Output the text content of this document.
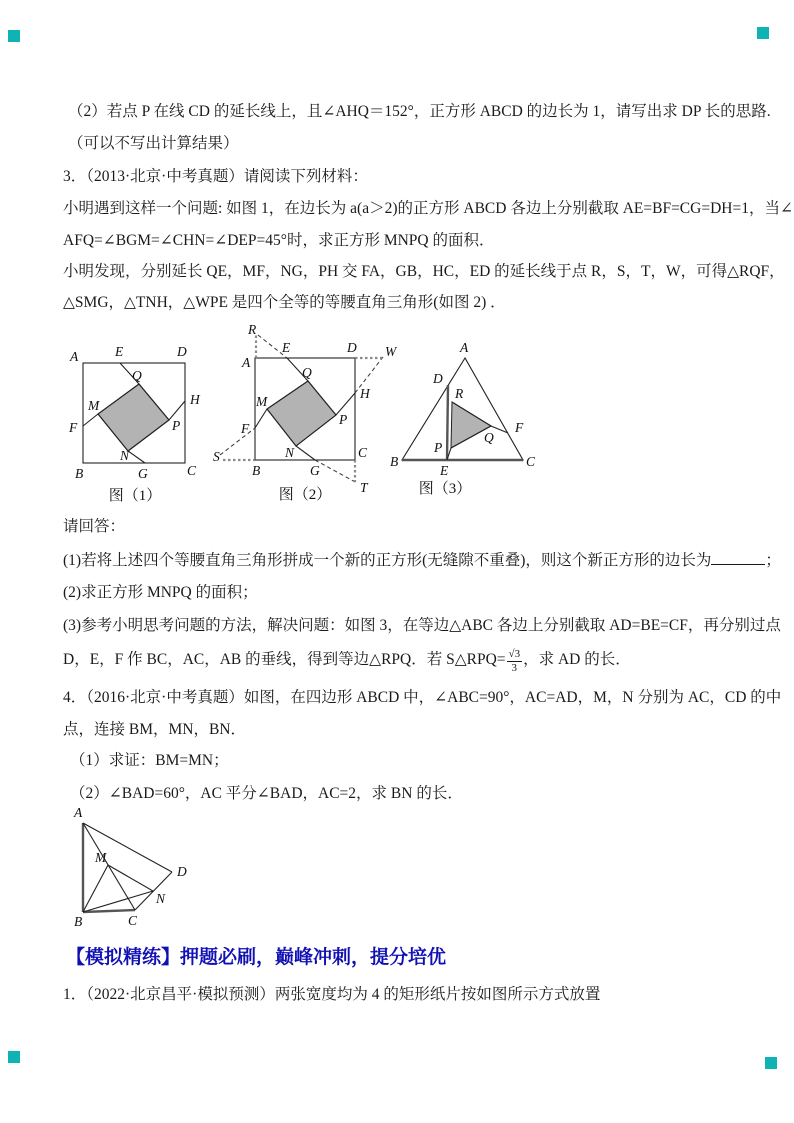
（2）若点 P 在线 CD 的延长线上，且∠AHQ＝152°，正方形 ABCD 的边长为 1，请写出求 DP 长的思路.
（可以不写出计算结果）
3．（2013·北京·中考真题）请阅读下列材料：
小明遇到这样一个问题: 如图 1，在边长为 a(a＞2)的正方形 ABCD 各边上分别截取 AE=BF=CG=DH=1，当∠
AFQ=∠BGM=∠CHN=∠DEP=45°时，求正方形 MNPQ 的面积．
小明发现，分别延长 QE，MF，NG，PH 交 FA，GB，HC，ED 的延长线于点 R，S，T，W，可得△RQF，
△SMG，△TNH，△WPE 是四个全等的等腰直角三角形(如图 2) ．
A	E	D
Q
M	H
F	P
N
B	G	C
图（1）
R
E	D W
A
Q
M
H
F
P
S
B
N
G
C
T
图（2）
A
D
R
F
Q
P
B
E
C
图（3）
请回答：
(1)若将上述四个等腰直角三角形拼成一个新的正方形(无缝隙不重叠)，则这个新正方形的边长为	；
(2)求正方形 MNPQ 的面积；
(3)参考小明思考问题的方法，解决问题：如图 3，在等边△ABC 各边上分别截取 AD=BE=CF，再分别过点
D，E，F 作 BC，AC，AB 的垂线，得到等边△RPQ．若 S△RPQ= $\frac{√3}{3}$ ，求 AD 的长．
4．（2016·北京·中考真题）如图，在四边形 ABCD 中，∠ABC=90°，AC=AD，M，N 分别为 AC，CD 的中
点，连接 BM，MN，BN．
（1）求证：BM=MN；
（2）∠BAD=60°，AC 平分∠BAD，AC=2，求 BN 的长．
A
M
D
N
B	C
【模拟精练】押题必刷，巅峰冲刺，提分培优
1．（2022·北京昌平·模拟预测）两张宽度均为 4 的矩形纸片按如图所示方式放置
